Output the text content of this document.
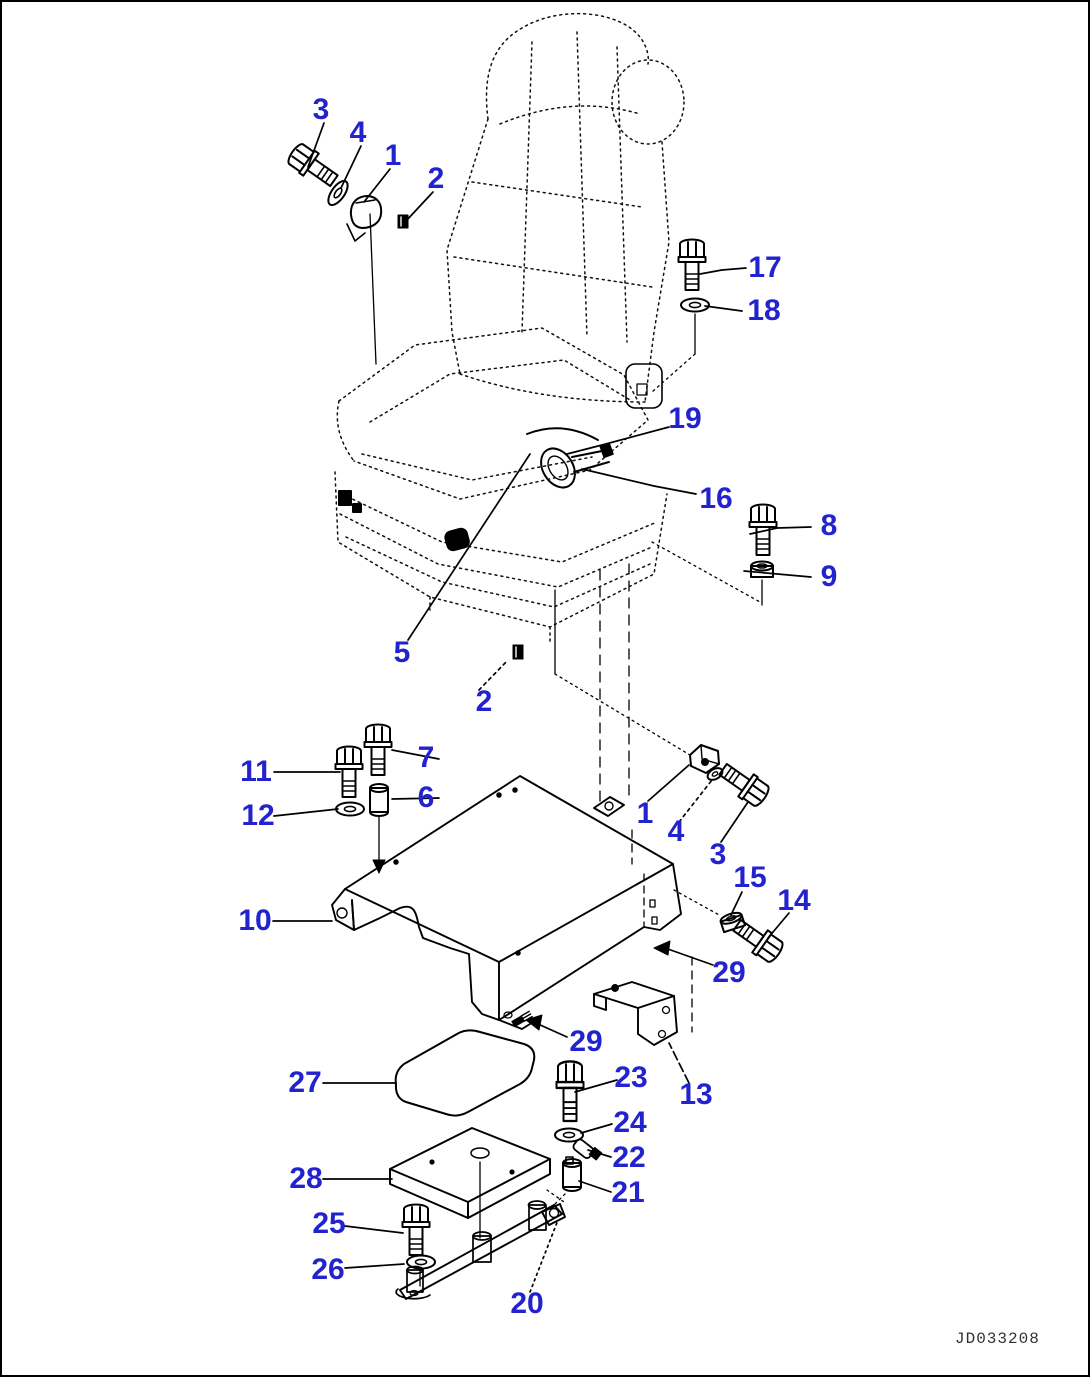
3
4
1
2
17
18
19
16
8
9
5
2
7
11
6
12	1
4
3
15
14
10
29
29
27	23
13
24
22
28	21
25
26
20
JD033208
